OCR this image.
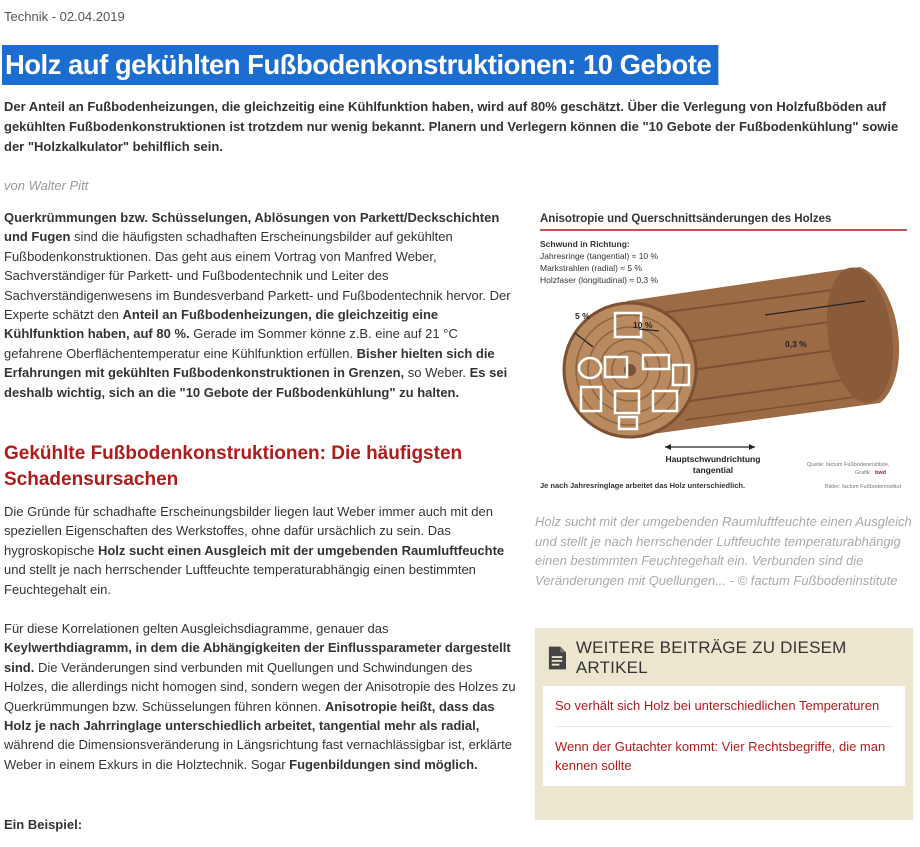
Technik - 02.04.2019
Holz auf gekühlten Fußbodenkonstruktionen: 10 Gebote

Der Anteil an Fußbodenheizungen, die gleichzeitig eine Kühlfunktion haben, wird auf 80% geschätzt. Über die Verlegung von Holzfußböden auf gekühlten Fußbodenkonstruktionen ist trotzdem nur wenig bekannt. Planern und Verlegern können die "10 Gebote der Fußbodenkühlung" sowie der "Holzkalkulator" behilflich sein.

von Walter Pitt

Querkrümmungen bzw. Schüsselungen, Ablösungen von Parkett/Deckschichten und Fugen sind die häufigsten schadhaften Erscheinungsbilder auf gekühlten Fußbodenkonstruktionen. Das geht aus einem Vortrag von Manfred Weber, Sachverständiger für Parkett- und Fußbodentechnik und Leiter des Sachverständigenwesens im Bundesverband Parkett- und Fußbodentechnik hervor. Der Experte schätzt den Anteil an Fußbodenheizungen, die gleichzeitig eine Kühlfunktion haben, auf 80 %. Gerade im Sommer könne z.B. eine auf 21 °C gefahrene Oberflächentemperatur eine Kühlfunktion erfüllen. Bisher hielten sich die Erfahrungen mit gekühlten Fußbodenkonstruktionen in Grenzen, so Weber. Es sei deshalb wichtig, sich an die "10 Gebote der Fußbodenkühlung" zu halten.

Gekühlte Fußbodenkonstruktionen: Die häufigsten Schadensursachen

Die Gründe für schadhafte Erscheinungsbilder liegen laut Weber immer auch mit den speziellen Eigenschaften des Werkstoffes, ohne dafür ursächlich zu sein. Das hygroskopische Holz sucht einen Ausgleich mit der umgebenden Raumluftfeuchte und stellt je nach herrschender Luftfeuchte temperaturabhängig einen bestimmten Feuchtegehalt ein.

Für diese Korrelationen gelten Ausgleichsdiagramme, genauer das Keylwerthdiagramm, in dem die Abhängigkeiten der Einflussparameter dargestellt sind. Die Veränderungen sind verbunden mit Quellungen und Schwindungen des Holzes, die allerdings nicht homogen sind, sondern wegen der Anisotropie des Holzes zu Querkrümmungen bzw. Schüsselungen führen können. Anisotropie heißt, dass das Holz je nach Jahrringlage unterschiedlich arbeitet, tangential mehr als radial, während die Dimensionsveränderung in Längsrichtung fast vernachlässigbar ist, erklärte Weber in einem Exkurs in die Holztechnik. Sogar Fugenbildungen sind möglich.

Ein Beispiel:
Anisotropie und Querschnittsänderungen des Holzes
Schwund in Richtung:
Jahresringe (tangential) ≈ 10 %
Markstrahlen (radial) ≈ 5 %
Holzfaser (longitudinal) ≈ 0,3 %
5 %
10 %
0,3 %
Hauptschwundrichtung
tangential
Je nach Jahresringlage arbeitet das Holz unterschiedlich.
Quelle: factum Fußbodeninstitute,
Grafik: bwd
Bilder: factum Fußbodeninstitut
Holz sucht mit der umgebenden Raumluftfeuchte einen Ausgleich und stellt je nach herrschender Luftfeuchte temperaturabhängig einen bestimmten Feuchtegehalt ein. Verbunden sind die Veränderungen mit Quellungen... - © factum Fußbodeninstitute
WEITERE BEITRÄGE ZU DIESEM ARTIKEL
So verhält sich Holz bei unterschiedlichen Temperaturen
Wenn der Gutachter kommt: Vier Rechtsbegriffe, die man kennen sollte
